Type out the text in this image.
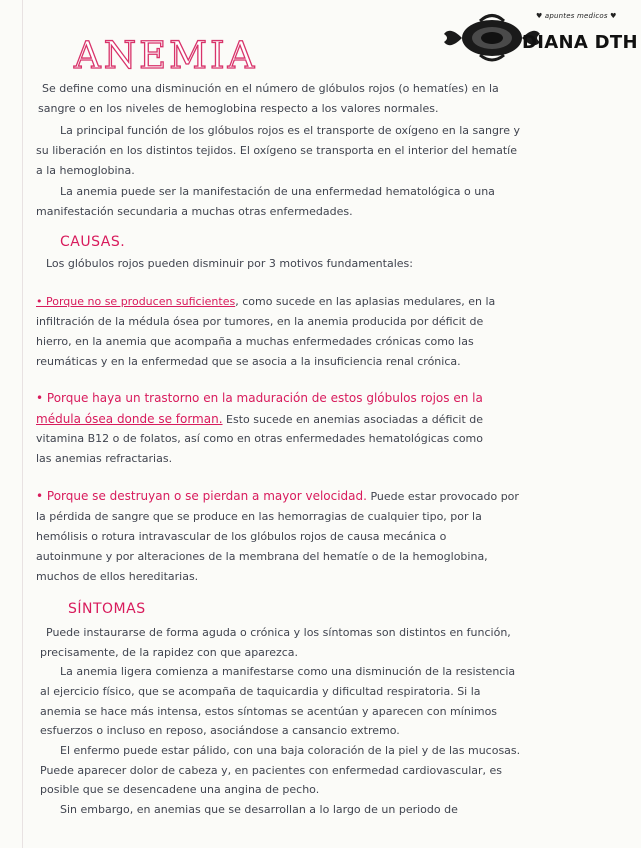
♥ apuntes medicos ♥
DIANA DTH
ANEMIA
Se define como una disminución en el número de glóbulos rojos (o hematíes) en la
sangre o en los niveles de hemoglobina respecto a los valores normales.
La principal función de los glóbulos rojos es el transporte de oxígeno en la sangre y
su liberación en los distintos tejidos. El oxígeno se transporta en el interior del hematíe
a la hemoglobina.
La anemia puede ser la manifestación de una enfermedad hematológica o una
manifestación secundaria a muchas otras enfermedades.
CAUSAS.
Los glóbulos rojos pueden disminuir por 3 motivos fundamentales:
• Porque no se producen suficientes, como sucede en las aplasias medulares, en la
infiltración de la médula ósea por tumores, en la anemia producida por déficit de
hierro, en la anemia que acompaña a muchas enfermedades crónicas como las
reumáticas y en la enfermedad que se asocia a la insuficiencia renal crónica.
• Porque haya un trastorno en la maduración de estos glóbulos rojos en la
médula ósea donde se forman. Esto sucede en anemias asociadas a déficit de
vitamina B12 o de folatos, así como en otras enfermedades hematológicas como
las anemias refractarias.
• Porque se destruyan o se pierdan a mayor velocidad. Puede estar provocado por
la pérdida de sangre que se produce en las hemorragias de cualquier tipo, por la
hemólisis o rotura intravascular de los glóbulos rojos de causa mecánica o
autoinmune y por alteraciones de la membrana del hematíe o de la hemoglobina,
muchos de ellos hereditarias.
SÍNTOMAS
Puede instaurarse de forma aguda o crónica y los síntomas son distintos en función,
precisamente, de la rapidez con que aparezca.
La anemia ligera comienza a manifestarse como una disminución de la resistencia
al ejercicio físico, que se acompaña de taquicardia y dificultad respiratoria. Si la
anemia se hace más intensa, estos síntomas se acentúan y aparecen con mínimos
esfuerzos o incluso en reposo, asociándose a cansancio extremo.
El enfermo puede estar pálido, con una baja coloración de la piel y de las mucosas.
Puede aparecer dolor de cabeza y, en pacientes con enfermedad cardiovascular, es
posible que se desencadene una angina de pecho.
Sin embargo, en anemias que se desarrollan a lo largo de un periodo de
